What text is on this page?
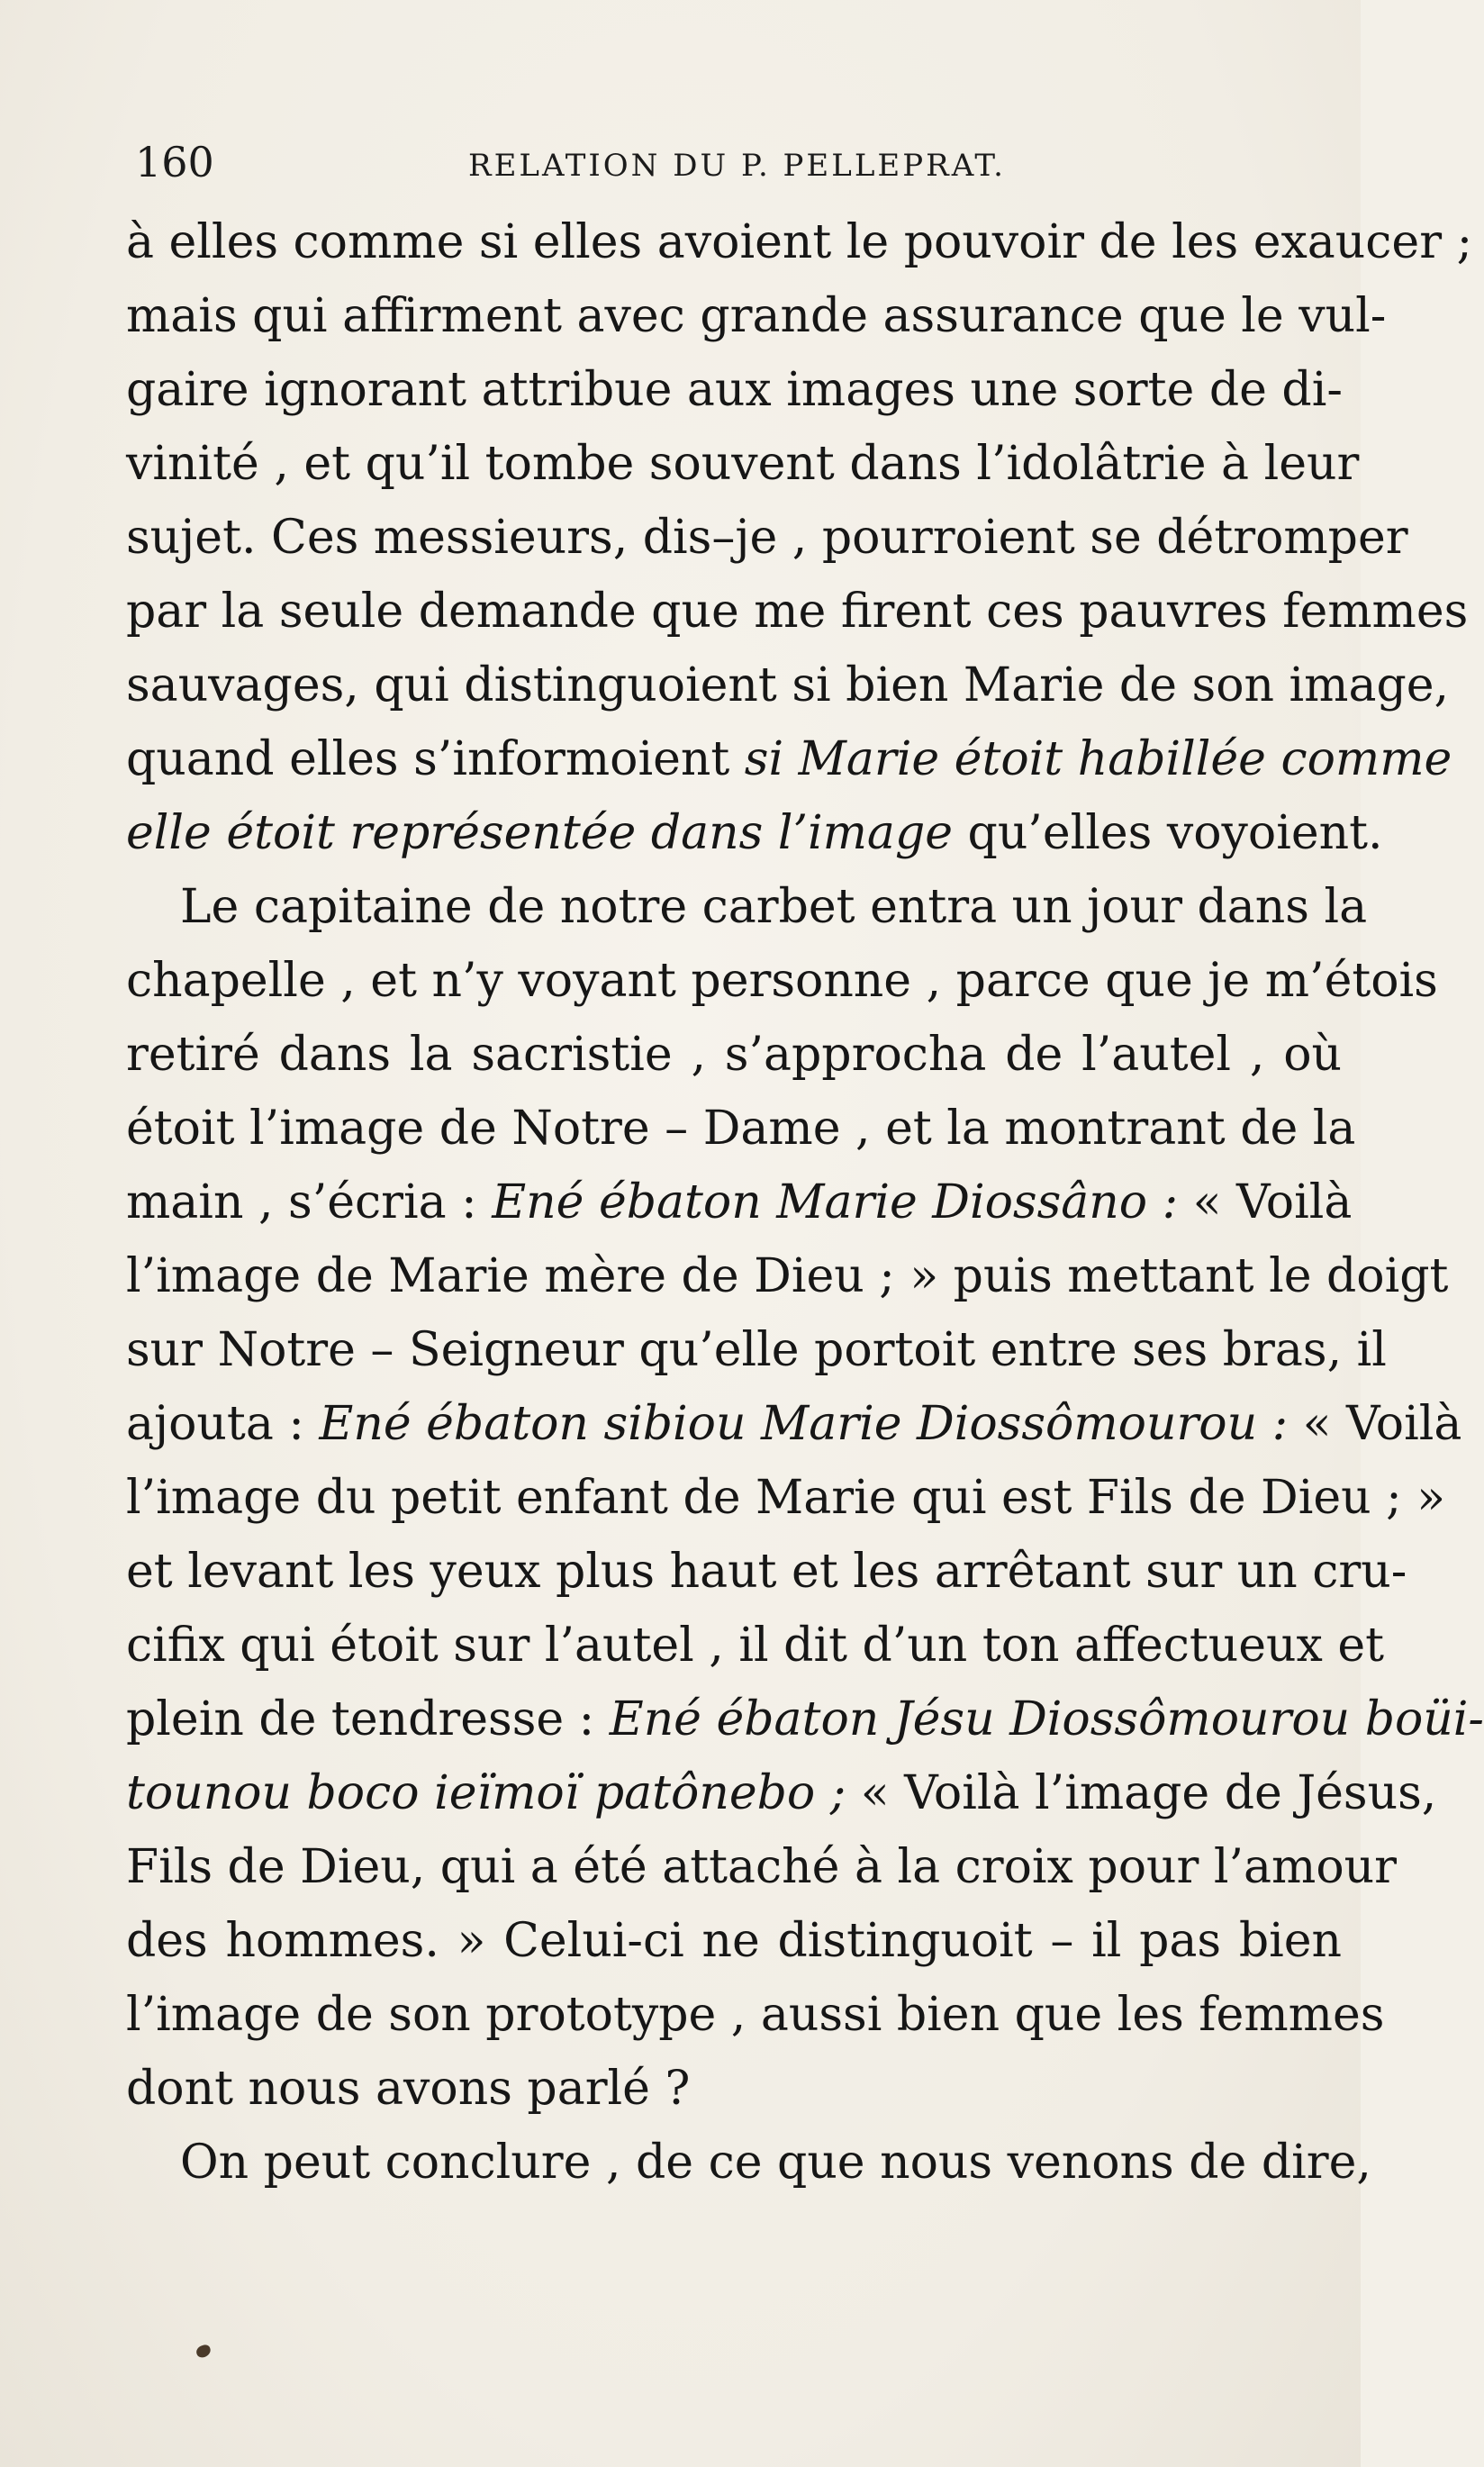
160	RELATION DU P. PELLEPRAT.
à elles comme si elles avoient le pouvoir de les exaucer ;
mais qui affirment avec grande assurance que le vul-
gaire ignorant attribue aux images une sorte de di-
vinité , et qu’il tombe souvent dans l’idolâtrie à leur
sujet. Ces messieurs, dis–je , pourroient se détromper
par la seule demande que me firent ces pauvres femmes
sauvages, qui distinguoient si bien Marie de son image,
quand elles s’informoient si Marie étoit habillée comme
elle étoit représentée dans l’image qu’elles voyoient.
Le capitaine de notre carbet entra un jour dans la
chapelle , et n’y voyant personne , parce que je m’étois
retiré dans la sacristie , s’approcha de l’autel , où
étoit l’image de Notre – Dame , et la montrant de la
main , s’écria : Ené ébaton Marie Diossâno : « Voilà
l’image de Marie mère de Dieu ; » puis mettant le doigt
sur Notre – Seigneur qu’elle portoit entre ses bras, il
ajouta : Ené ébaton sibiou Marie Diossômourou : « Voilà
l’image du petit enfant de Marie qui est Fils de Dieu ; »
et levant les yeux plus haut et les arrêtant sur un cru-
cifix qui étoit sur l’autel , il dit d’un ton affectueux et
plein de tendresse : Ené ébaton Jésu Diossômourou boüi-
tounou boco ieïmoï patônebo ; « Voilà l’image de Jésus,
Fils de Dieu, qui a été attaché à la croix pour l’amour
des hommes. » Celui-ci ne distinguoit – il pas bien
l’image de son prototype , aussi bien que les femmes
dont nous avons parlé ?
On peut conclure , de ce que nous venons de dire,
